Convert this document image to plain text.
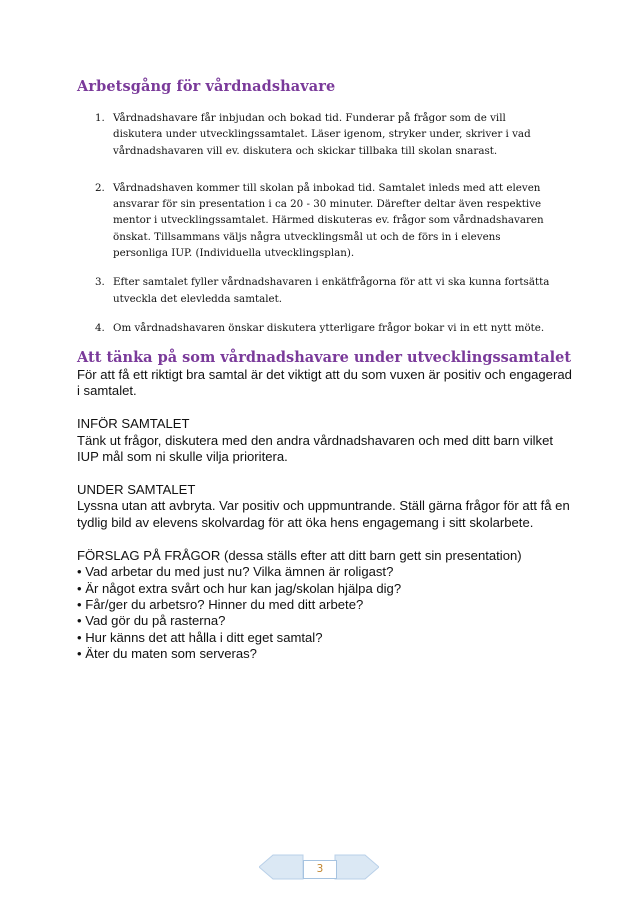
Arbetsgång för vårdnadshavare
1. Vårdnadshavare får inbjudan och bokad tid. Funderar på frågor som de vill
diskutera under utvecklingssamtalet. Läser igenom, stryker under, skriver i vad
vårdnadshavaren vill ev. diskutera och skickar tillbaka till skolan snarast.
2. Vårdnadshaven kommer till skolan på inbokad tid. Samtalet inleds med att eleven
ansvarar för sin presentation i ca 20 - 30 minuter. Därefter deltar även respektive
mentor i utvecklingssamtalet. Härmed diskuteras ev. frågor som vårdnadshavaren
önskat. Tillsammans väljs några utvecklingsmål ut och de förs in i elevens
personliga IUP. (Individuella utvecklingsplan).
3. Efter samtalet fyller vårdnadshavaren i enkätfrågorna för att vi ska kunna fortsätta
utveckla det elevledda samtalet.
4. Om vårdnadshavaren önskar diskutera ytterligare frågor bokar vi in ett nytt möte.
Att tänka på som vårdnadshavare under utvecklingssamtalet

För att få ett riktigt bra samtal är det viktigt att du som vuxen är positiv och engagerad
i samtalet.

INFÖR SAMTALET
Tänk ut frågor, diskutera med den andra vårdnadshavaren och med ditt barn vilket
IUP mål som ni skulle vilja prioritera.

UNDER SAMTALET
Lyssna utan att avbryta. Var positiv och uppmuntrande. Ställ gärna frågor för att få en
tydlig bild av elevens skolvardag för att öka hens engagemang i sitt skolarbete.

FÖRSLAG PÅ FRÅGOR (dessa ställs efter att ditt barn gett sin presentation)
• Vad arbetar du med just nu? Vilka ämnen är roligast?
• Är något extra svårt och hur kan jag/skolan hjälpa dig?
• Får/ger du arbetsro? Hinner du med ditt arbete?
• Vad gör du på rasterna?
• Hur känns det att hålla i ditt eget samtal?
• Äter du maten som serveras?
3
